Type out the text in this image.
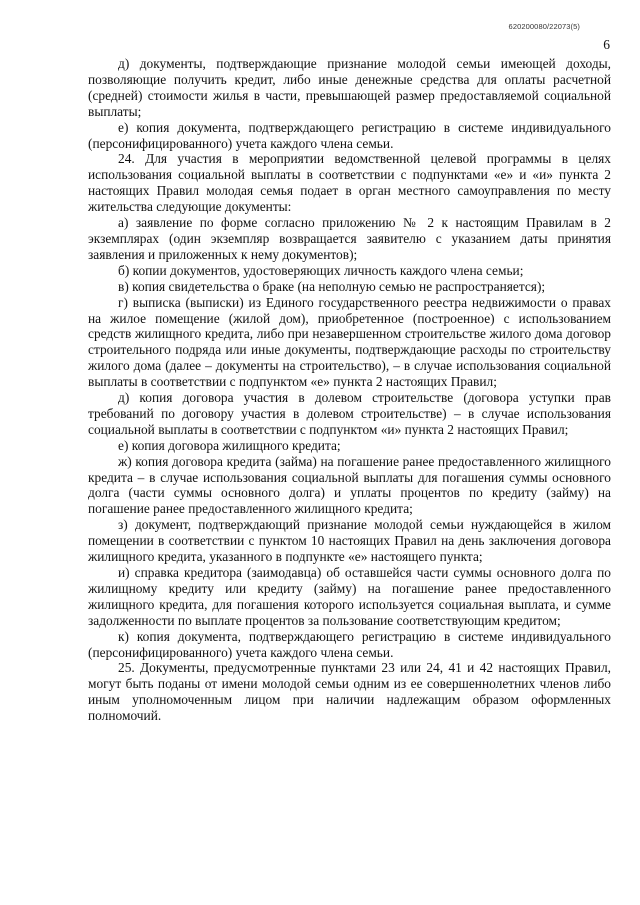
620200080/22073(5)
6

д) документы, подтверждающие признание молодой семьи имеющей доходы, позволяющие получить кредит, либо иные денежные средства для оплаты расчетной (средней) стоимости жилья в части, превышающей размер предоставляемой социальной выплаты;

е) копия документа, подтверждающего регистрацию в системе индивидуального (персонифицированного) учета каждого члена семьи.

24. Для участия в мероприятии ведомственной целевой программы в целях использования социальной выплаты в соответствии с подпунктами «е» и «и» пункта 2 настоящих Правил молодая семья подает в орган местного самоуправления по месту жительства следующие документы:

а) заявление по форме согласно приложению № 2 к настоящим Правилам в 2 экземплярах (один экземпляр возвращается заявителю с указанием даты принятия заявления и приложенных к нему документов);

б) копии документов, удостоверяющих личность каждого члена семьи;

в) копия свидетельства о браке (на неполную семью не распространяется);

г) выписка (выписки) из Единого государственного реестра недвижимости о правах на жилое помещение (жилой дом), приобретенное (построенное) с использованием средств жилищного кредита, либо при незавершенном строительстве жилого дома договор строительного подряда или иные документы, подтверждающие расходы по строительству жилого дома (далее – документы на строительство), – в случае использования социальной выплаты в соответствии с подпунктом «е» пункта 2 настоящих Правил;

д) копия договора участия в долевом строительстве (договора уступки прав требований по договору участия в долевом строительстве) – в случае использования социальной выплаты в соответствии с подпунктом «и» пункта 2 настоящих Правил;

е) копия договора жилищного кредита;

ж) копия договора кредита (займа) на погашение ранее предоставленного жилищного кредита – в случае использования социальной выплаты для погашения суммы основного долга (части суммы основного долга) и уплаты процентов по кредиту (займу) на погашение ранее предоставленного жилищного кредита;

з) документ, подтверждающий признание молодой семьи нуждающейся в жилом помещении в соответствии с пунктом 10 настоящих Правил на день заключения договора жилищного кредита, указанного в подпункте «е» настоящего пункта;

и) справка кредитора (заимодавца) об оставшейся части суммы основного долга по жилищному кредиту или кредиту (займу) на погашение ранее предоставленного жилищного кредита, для погашения которого используется социальная выплата, и сумме задолженности по выплате процентов за пользование соответствующим кредитом;

к) копия документа, подтверждающего регистрацию в системе индивидуального (персонифицированного) учета каждого члена семьи.

25. Документы, предусмотренные пунктами 23 или 24, 41 и 42 настоящих Правил, могут быть поданы от имени молодой семьи одним из ее совершеннолетних членов либо иным уполномоченным лицом при наличии надлежащим образом оформленных полномочий.
